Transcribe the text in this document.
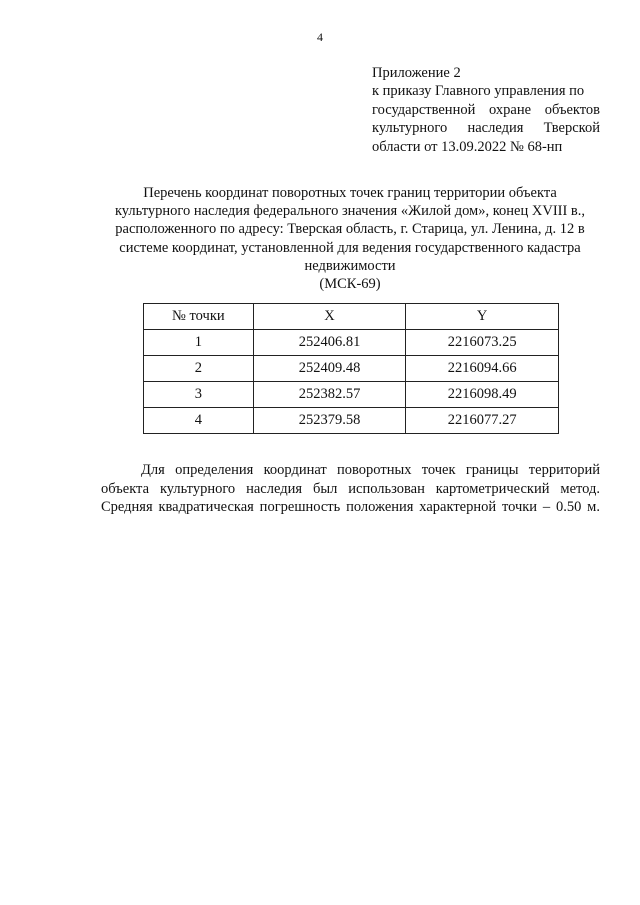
4
Приложение 2
к приказу Главного управления по
государственной охране объектов
культурного наследия Тверской
области от 13.09.2022 № 68-нп
Перечень координат поворотных точек границ территории объекта
культурного наследия федерального значения «Жилой дом», конец XVIII в.,
расположенного по адресу: Тверская область, г. Старица, ул. Ленина, д. 12 в
системе координат, установленной для ведения государственного кадастра
недвижимости
(МСК-69)
№ точки	X	Y
1	252406.81	2216073.25
2	252409.48	2216094.66
3	252382.57	2216098.49
4	252379.58	2216077.27
Для определения координат поворотных точек границы территорий
объекта культурного наследия был использован картометрический метод.
Средняя квадратическая погрешность положения характерной точки – 0.50 м.
